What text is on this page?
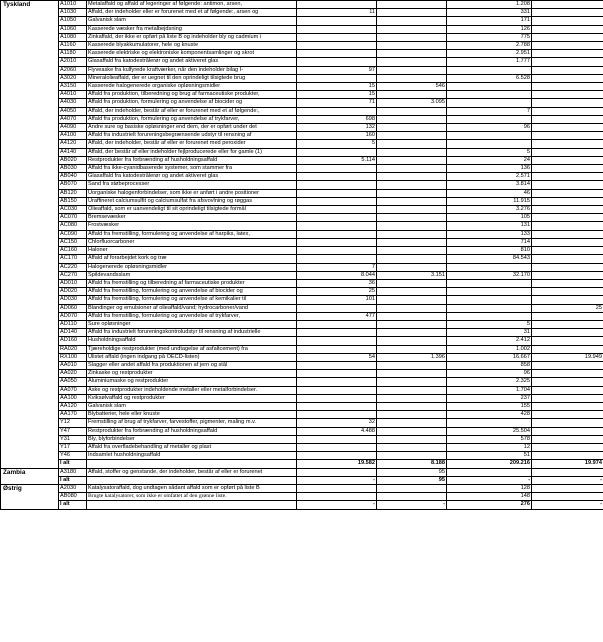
Tyskland	A1010	Metalaffald og affald af legeringer af følgende: antimon, arsen,			1.208	
	A1030	Affald, der indeholder eller er forurenet med et af følgende:, arsen og	11		331	
	A1050	Galvanisk slam			171	
	A1060	Kasserede væsker fra metalbejdsning			126	
	A1080	Zinkaffald, der ikke er opført på liste B og indeholder bly og cadmium i			775	
	A1160	Kasserede blyakkumulatorer, hele og knuste			2.788	
	A1180	Kasserede elektriske og elektroniske komponentsamlinger og skrot			2.951	
	A2010	Glasaffald fra katodestrålerør og andet aktiveret glas			1.777	
	A2060	Flyveaske fra kulfyrede kraftværker, når den indeholder bilag I-	97			
	A3020	Mineralolieaffald, der er uegnet til den oprindeligt tilsigtede brug			6.528	
	A3150	Kasserede halogenerede organiske opløsningsmidler	15	546		
	A4010	Affald fra produktion, tilberedning og brug af farmaceutiske produkter,	15			
	A4030	Affald fra produktion, formulering og anvendelse af biocider og	71	3.095		
	A4050	Affald, der indeholder, består af eller er forurenet med et af følgende:,			7	
	A4070	Affald fra produktion, formulering og anvendelse af trykfarver,	698			
	A4090	Andre sure og basiske opløsninger end dem, der er opført under det	132		96	
	A4100	Affald fra industrielt forureningsbegrænsende udstyr til rensning af	160			
	A4120	Affald, der indeholder, består af eller er forurenet med peroxider	5			
	A4140	Affald, der består af eller indeholder fejlproducerede eller for gamle (1)			5	
	AB020	Restprodukter fra forbrænding af husholdningsaffald	5.114		24	
	AB030	Affald fra ikke-cyanidbaserede systemer, som stammer fra			136	
	AB040	Glasaffald fra katodestrålerør og andet aktiveret glas			2.571	
	AB070	Sand fra støbeprocesser			3.814	
	AB120	Uorganiske halogenforbindelser, som ikke er anført i andre positioner			46	
	AB150	Uraffineret calciumsulfit og calciumsulfat fra afsvovlning og røggas			11.915	
	AC030	Olieaffald, som er uanvendeligt til sit oprindeligt tilsigtede formål			3.276	
	AC070	Bremsevæsker			105	
	AC080	Frostvæsker			131	
	AC090	Affald fra fremstilling, formulering og anvendelse af harpiks, latex,			133	
	AC150	Chlorfluorcarboner			714	
	AC160	Haloner			810	
	AC170	Affald af forarbejdet kork og træ			84.543	
	AC220	Halogenerede opløsningsmidler	7			
	AC270	Spildevandsslam	8.044	3.151	32.170	
	AD010	Affald fra fremstilling og tilberedning af farmaceutiske produkter	36			
	AD020	Affald fra fremstilling, formulering og anvendelse af biocider og	25			
	AD030	Affald fra fremstilling, formulering og anvendelse af kemikalier til	101			
	AD060	Blandinger og emulsioner af olieaffald/vand; hydrocarboner/vand				25
	AD070	Affald fra fremstilling, formulering og anvendelse af trykfarver,	477			
	AD110	Sure opløsninger			5	
	AD140	Affald fra industrielt forureningskontroludstyr til rensning af industrielle			31	
	AD160	Husholdningsaffald			2.412	
	RA020	Tjæreholdige restprodukter (med undtagelse af asfaltcement) fra			1.002	
	RX100	Ulistet affald (ingen indgang på OECD-listen)	54	1.396	16.667	19.949
	AA010	Slagger eller andet affald fra produktionen af jern og stål			858	
	AA020	Zinkaske og restprodukter			96	
	AA050	Aluminiumaske og restprodukter			2.325	
	AA070	Aske og restprodukter indeholdende metaller eller metalforbindelser.			1.704	
	AA100	Kviksølvaffald og restprodukter			237	
	AA120	Galvanisk slam			155	
	AA170	Blybatterier, hele eller knuste			428	
	Y12	Fremstilling af brug af trykfarver, farvestoffer, pigmenter, maling m.v.	32			
	Y47	Restprodukter fra forbrænding af husholdningsaffald	4.488		25.504	
	Y31	Bly, blyforbindelser			578	
	Y17	Affald fra overfladebehandling af metaller og plast			12	
	Y46	Indsamlet husholdningsaffald			51	
	I alt		19.582	8.188	209.216	19.974
Zambia	A3180	Affald, stoffer og genstande, der indeholder, består af eller er forurenet		95		
	I alt		-	95	-	-
Østrig	A2030	Katalysatoraffald, dog undtagen sådant affald som er opført på liste B			128	
	AB080	Brugte katalysatorer, som ikke er omfattet af den grønne liste.			148	
	I alt		-	-	276	-
